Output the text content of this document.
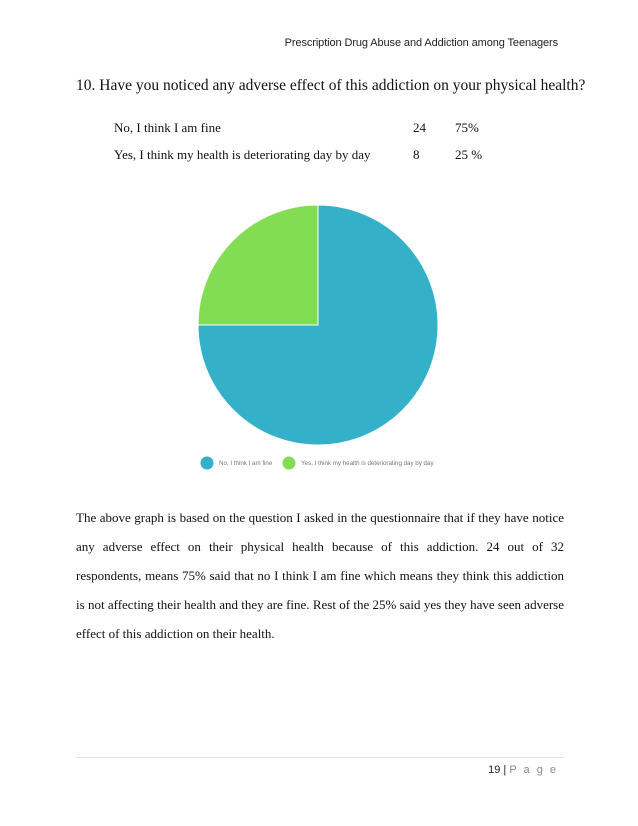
Prescription Drug Abuse and Addiction among Teenagers
10. Have you noticed any adverse effect of this addiction on your physical health?
No, I think I am fine	24 75%
Yes, I think my health is deteriorating day by day	8	25 %
No, I think I am fine	Yes, I think my health is deteriorating day by day
The above graph is based on the question I asked in the questionnaire that if they have notice any adverse effect on their physical health because of this addiction. 24 out of 32 respondents, means 75% said that no I think I am fine which means they think this addiction is not affecting their health and they are fine. Rest of the 25% said yes they have seen adverse effect of this addiction on their health.
19 | P a g e
